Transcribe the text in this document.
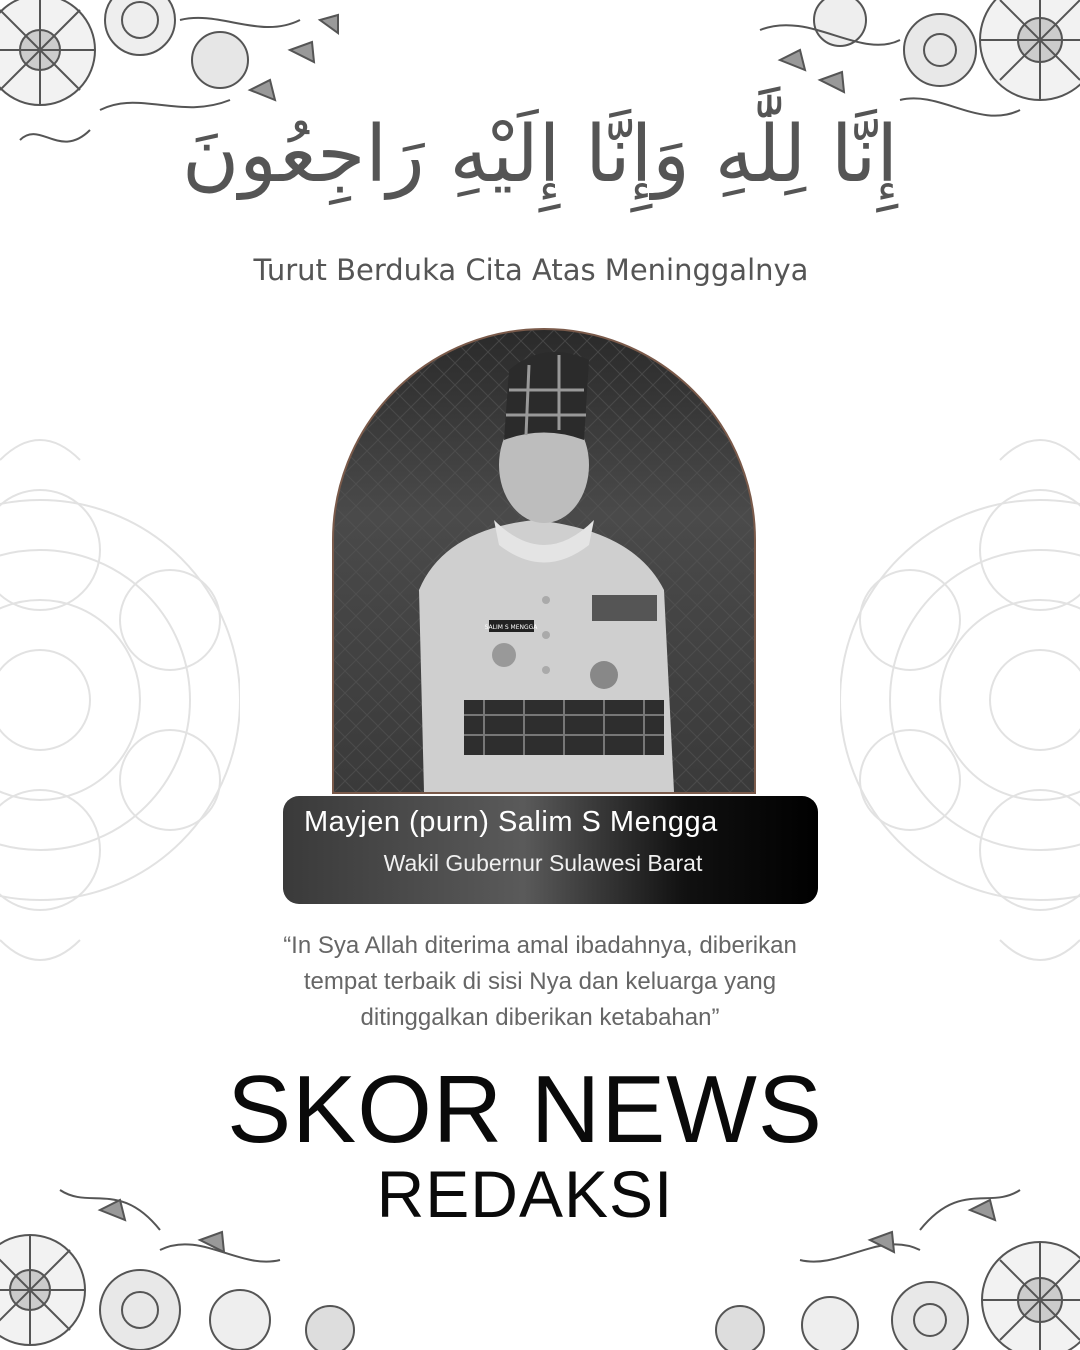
إِنَّا لِلَّٰهِ وَإِنَّا إِلَيْهِ رَاجِعُونَ
Turut Berduka Cita Atas Meninggalnya
SALIM S MENGGA
Mayjen (purn) Salim S Mengga
Wakil Gubernur Sulawesi Barat
“In Sya Allah diterima amal ibadahnya, diberikan
tempat terbaik di sisi Nya dan keluarga yang
ditinggalkan diberikan ketabahan”
SKOR NEWS
REDAKSI
